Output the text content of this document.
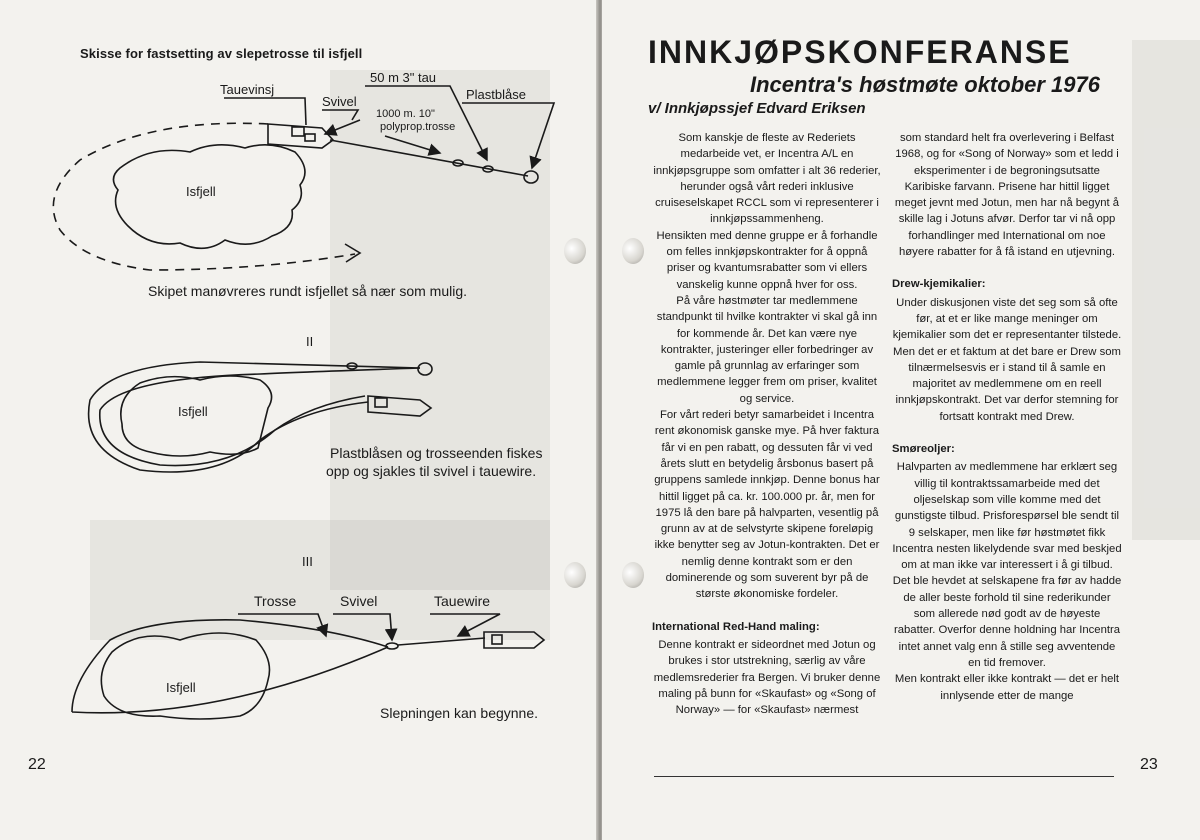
Skisse for fastsetting av slepetrosse til isfjell
50 m 3" tau
Tauevinsj
Svivel	Plastblåse
1000 m. 10"
polyprop.trosse
Isfjell
Skipet manøvreres rundt isfjellet så nær som mulig.
II
Isfjell
Plastblåsen og trosseenden fiskes
opp og sjakles til svivel i tauewire.
III
Trosse	Svivel	Tauewire
Isfjell
Slepningen kan begynne.
22
INNKJØPSKONFERANSE
Incentra's høstmøte oktober 1976
v/ Innkjøpssjef Edvard Eriksen

Som kanskje de fleste av Rederiets medarbeide vet, er Incentra A/L en innkjøpsgruppe som omfatter i alt 36 rederier, herunder også vårt rederi inklusive cruiseselskapet RCCL som vi representerer i innkjøpssammenheng.

Hensikten med denne gruppe er å forhandle om felles innkjøpskontrakter for å oppnå priser og kvantumsrabatter som vi ellers vanskelig kunne oppnå hver for oss.

På våre høstmøter tar medlemmene standpunkt til hvilke kontrakter vi skal gå inn for kommende år. Det kan være nye kontrakter, justeringer eller forbedringer av gamle på grunnlag av erfaringer som medlemmene legger frem om priser, kvalitet og service.

For vårt rederi betyr samarbeidet i Incentra rent økonomisk ganske mye. På hver faktura får vi en pen rabatt, og dessuten får vi ved årets slutt en betydelig årsbonus basert på gruppens samlede innkjøp. Denne bonus har hittil ligget på ca. kr. 100.000 pr. år, men for 1975 lå den bare på halvparten, vesentlig på grunn av at de selvstyrte skipene foreløpig ikke benytter seg av Jotun-kontrakten. Det er nemlig denne kontrakt som er den dominerende og som suverent byr på de største økonomiske fordeler.

International Red-Hand maling:

Denne kontrakt er sideordnet med Jotun og brukes i stor utstrekning, særlig av våre medlemsrederier fra Bergen. Vi bruker denne maling på bunn for «Skaufast» og «Song of Norway» — for «Skaufast» nærmest

som standard helt fra overlevering i Belfast 1968, og for «Song of Norway» som et ledd i eksperimenter i de begroningsutsatte Karibiske farvann. Prisene har hittil ligget meget jevnt med Jotun, men har nå begynt å skille lag i Jotuns afvør. Derfor tar vi nå opp forhandlinger med International om noe høyere rabatter for å få istand en utjevning.

Drew-kjemikalier:

Under diskusjonen viste det seg som så ofte før, at et er like mange meninger om kjemikalier som det er representanter tilstede. Men det er et faktum at det bare er Drew som tilnærmelsesvis er i stand til å samle en majoritet av medlemmene om en reell innkjøpskontrakt. Det var derfor stemning for fortsatt kontrakt med Drew.

Smøreoljer:

Halvparten av medlemmene har erklært seg villig til kontraktssamarbeide med det oljeselskap som ville komme med det gunstigste tilbud. Prisforespørsel ble sendt til 9 selskaper, men like før høstmøtet fikk Incentra nesten likelydende svar med beskjed om at man ikke var interessert i å gi tilbud. Det ble hevdet at selskapene fra før av hadde de aller beste forhold til sine rederikunder som allerede nød godt av de høyeste rabatter. Overfor denne holdning har Incentra intet annet valg enn å stille seg avventende en tid fremover.

Men kontrakt eller ikke kontrakt — det er helt innlysende etter de mange

23
